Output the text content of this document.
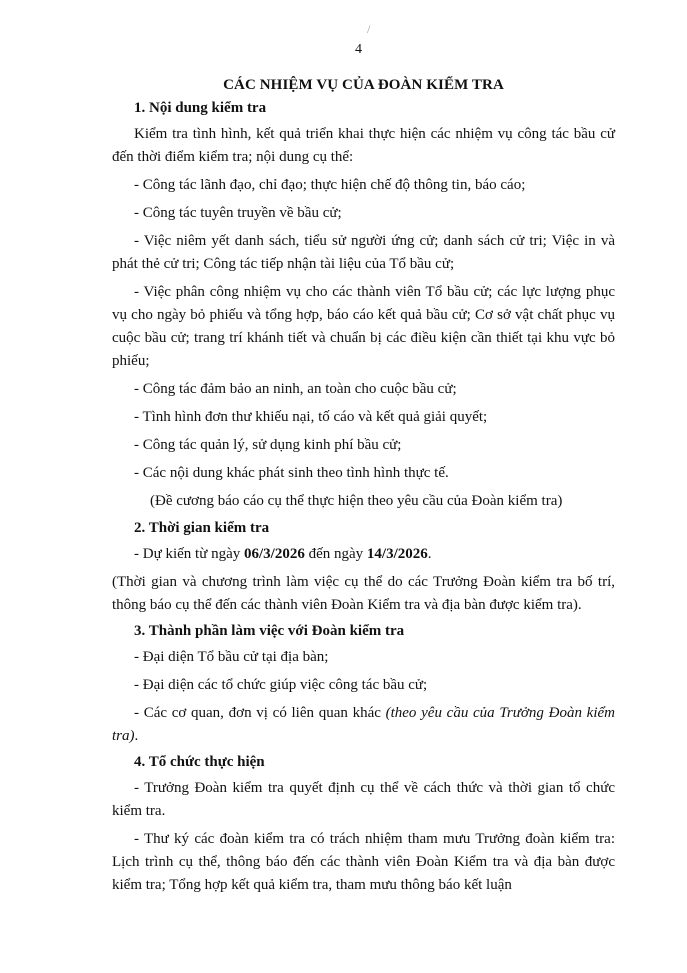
/
4
CÁC NHIỆM VỤ CỦA ĐOÀN KIỂM TRA
1. Nội dung kiểm tra

Kiểm tra tình hình, kết quả triển khai thực hiện các nhiệm vụ công tác bầu cử đến thời điểm kiểm tra; nội dung cụ thể:

- Công tác lãnh đạo, chỉ đạo; thực hiện chế độ thông tin, báo cáo;

- Công tác tuyên truyền về bầu cử;

- Việc niêm yết danh sách, tiểu sử người ứng cử; danh sách cử tri; Việc in và phát thẻ cử tri; Công tác tiếp nhận tài liệu của Tổ bầu cử;

- Việc phân công nhiệm vụ cho các thành viên Tổ bầu cử; các lực lượng phục vụ cho ngày bỏ phiếu và tổng hợp, báo cáo kết quả bầu cử; Cơ sở vật chất phục vụ cuộc bầu cử; trang trí khánh tiết và chuẩn bị các điều kiện cần thiết tại khu vực bỏ phiếu;

- Công tác đảm bảo an ninh, an toàn cho cuộc bầu cử;

- Tình hình đơn thư khiếu nại, tố cáo và kết quả giải quyết;

- Công tác quản lý, sử dụng kinh phí bầu cử;

- Các nội dung khác phát sinh theo tình hình thực tế.

(Đề cương báo cáo cụ thể thực hiện theo yêu cầu của Đoàn kiểm tra)

2. Thời gian kiểm tra

- Dự kiến từ ngày 06/3/2026 đến ngày 14/3/2026.

(Thời gian và chương trình làm việc cụ thể do các Trưởng Đoàn kiểm tra bố trí, thông báo cụ thể đến các thành viên Đoàn Kiểm tra và địa bàn được kiểm tra).

3. Thành phần làm việc với Đoàn kiểm tra

- Đại diện Tổ bầu cử tại địa bàn;

- Đại diện các tổ chức giúp việc công tác bầu cử;

- Các cơ quan, đơn vị có liên quan khác (theo yêu cầu của Trưởng Đoàn kiểm tra).

4. Tổ chức thực hiện

- Trưởng Đoàn kiểm tra quyết định cụ thể về cách thức và thời gian tổ chức kiểm tra.

- Thư ký các đoàn kiểm tra có trách nhiệm tham mưu Trưởng đoàn kiểm tra: Lịch trình cụ thể, thông báo đến các thành viên Đoàn Kiểm tra và địa bàn được kiểm tra; Tổng hợp kết quả kiểm tra, tham mưu thông báo kết luận
